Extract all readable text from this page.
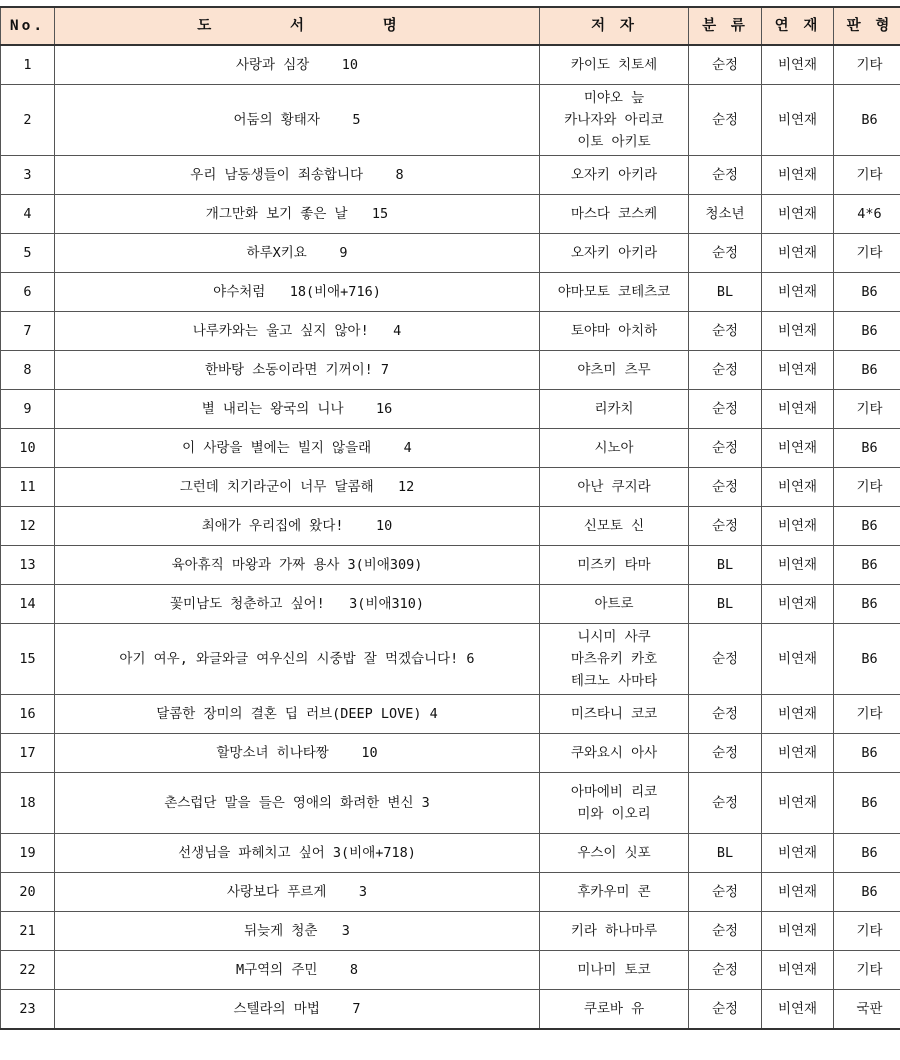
No.	도 서 명	저 자	분 류	연 재	판 형
1	사랑과 심장    10	카이도 치토세	순정	비연재	기타
2	어둠의 황태자    5	미야오 늪
카나자와 아리코
이토 아키토	순정	비연재	B6
3	우리 남동생들이 죄송합니다    8	오자키 아키라	순정	비연재	기타
4	개그만화 보기 좋은 날   15	마스다 코스케	청소년	비연재	4*6
5	하루X키요    9	오자키 아키라	순정	비연재	기타
6	야수처럼   18(비애+716)	야마모토 코테츠코	BL	비연재	B6
7	나루카와는 울고 싶지 않아!   4	토야마 아치하	순정	비연재	B6
8	한바탕 소동이라면 기꺼이! 7	야츠미 츠무	순정	비연재	B6
9	별 내리는 왕국의 니나    16	리카치	순정	비연재	기타
10	이 사랑을 별에는 빌지 않을래    4	시노아	순정	비연재	B6
11	그런데 치기라군이 너무 달콤해   12	아난 쿠지라	순정	비연재	기타
12	최애가 우리집에 왔다!    10	신모토 신	순정	비연재	B6
13	육아휴직 마왕과 가짜 용사 3(비애309)	미즈키 타마	BL	비연재	B6
14	꽃미남도 청춘하고 싶어!   3(비애310)	아트로	BL	비연재	B6
15	아기 여우, 와글와글 여우신의 시중밥 잘 먹겠습니다! 6	니시미 사쿠
마츠유키 카호
테크노 사마타	순정	비연재	B6
16	달콤한 장미의 결혼 딥 러브(DEEP LOVE) 4	미즈타니 코코	순정	비연재	기타
17	할망소녀 히나타짱    10	쿠와요시 아사	순정	비연재	B6
18	촌스럽단 말을 들은 영애의 화려한 변신 3	아마에비 리코
미와 이오리	순정	비연재	B6
19	선생님을 파헤치고 싶어 3(비애+718)	우스이 싯포	BL	비연재	B6
20	사랑보다 푸르게    3	후카우미 콘	순정	비연재	B6
21	뒤늦게 청춘   3	키라 하나마루	순정	비연재	기타
22	M구역의 주민    8	미나미 토코	순정	비연재	기타
23	스텔라의 마법    7	쿠로바 유	순정	비연재	국판
